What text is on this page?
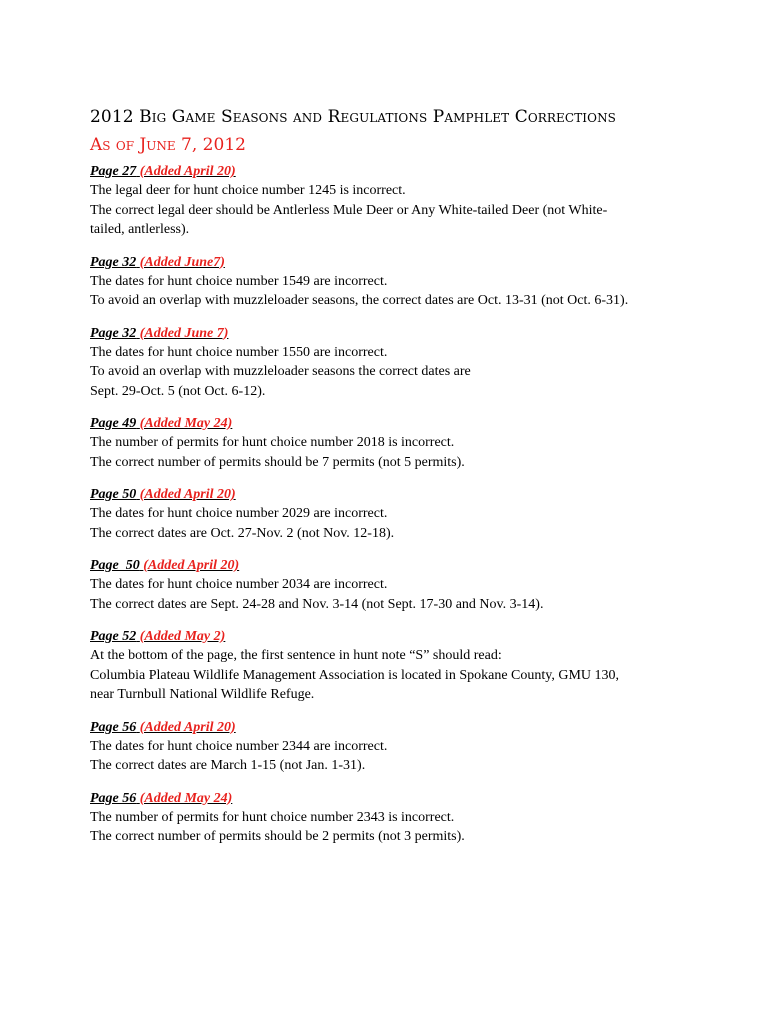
2012 Big Game Seasons and Regulations Pamphlet Corrections
As of June 7, 2012
Page 27 (Added April 20)
The legal deer for hunt choice number 1245 is incorrect.
The correct legal deer should be Antlerless Mule Deer or Any White-tailed Deer (not White-
tailed, antlerless).
Page 32 (Added June7)
The dates for hunt choice number 1549 are incorrect.
To avoid an overlap with muzzleloader seasons, the correct dates are Oct. 13-31 (not Oct. 6-31).
Page 32 (Added June 7)
The dates for hunt choice number 1550 are incorrect.
To avoid an overlap with muzzleloader seasons the correct dates are
Sept. 29-Oct. 5 (not Oct. 6-12).
Page 49 (Added May 24)
The number of permits for hunt choice number 2018 is incorrect.
The correct number of permits should be 7 permits (not 5 permits).
Page 50 (Added April 20)
The dates for hunt choice number 2029 are incorrect.
The correct dates are Oct. 27-Nov. 2 (not Nov. 12-18).
Page  50 (Added April 20)
The dates for hunt choice number 2034 are incorrect.
The correct dates are Sept. 24-28 and Nov. 3-14 (not Sept. 17-30 and Nov. 3-14).
Page 52 (Added May 2)
At the bottom of the page, the first sentence in hunt note “S” should read:
Columbia Plateau Wildlife Management Association is located in Spokane County, GMU 130,
near Turnbull National Wildlife Refuge.
Page 56 (Added April 20)
The dates for hunt choice number 2344 are incorrect.
The correct dates are March 1-15 (not Jan. 1-31).
Page 56 (Added May 24)
The number of permits for hunt choice number 2343 is incorrect.
The correct number of permits should be 2 permits (not 3 permits).
